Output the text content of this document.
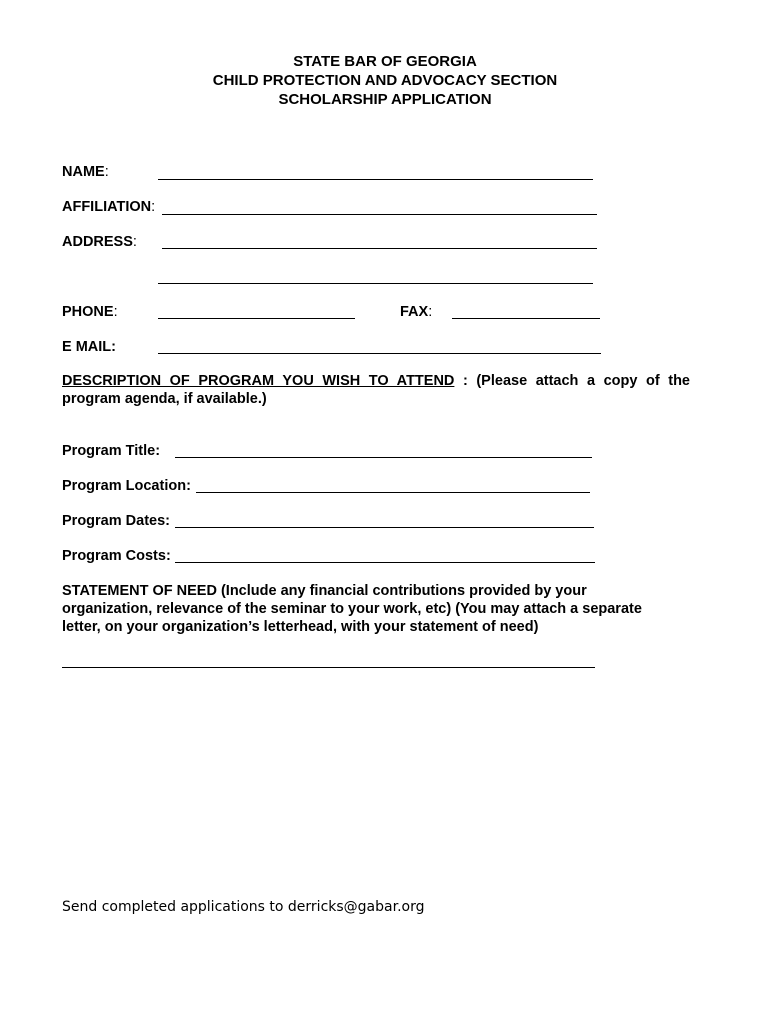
STATE BAR OF GEORGIA
CHILD PROTECTION AND ADVOCACY SECTION
SCHOLARSHIP APPLICATION
NAME:
AFFILIATION:
ADDRESS:
PHONE:	FAX:
E MAIL:
DESCRIPTION OF PROGRAM YOU WISH TO ATTEND : (Please attach a copy of the program agenda, if available.)
Program Title:
Program Location:
Program Dates:
Program Costs:
STATEMENT OF NEED (Include any financial contributions provided by your organization, relevance of the seminar to your work, etc) (You may attach a separate letter, on your organization’s letterhead, with your statement of need)
Send completed applications to derricks@gabar.org
